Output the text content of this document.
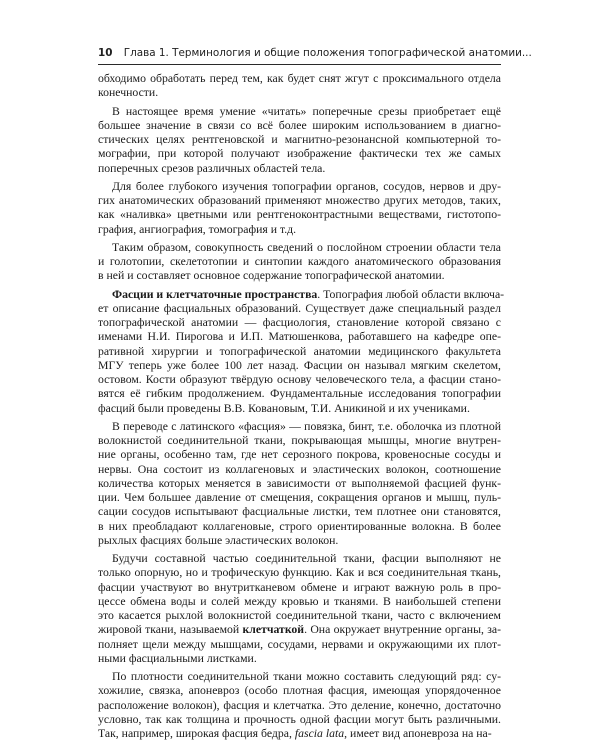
10 Глава 1. Терминология и общие положения топографической анатомии...

обходимо обработать перед тем, как будет снят жгут с проксимального отдела
конечности.

В настоящее время умение «читать» поперечные срезы приобретает ещё
большее значение в связи со всё более широким использованием в диагно-
стических целях рентгеновской и магнитно-резонансной компьютерной то-
мографии, при которой получают изображение фактически тех же самых
поперечных срезов различных областей тела.

Для более глубокого изучения топографии органов, сосудов, нервов и дру-
гих анатомических образований применяют множество других методов, таких,
как «наливка» цветными или рентгеноконтрастными веществами, гистотопо-
графия, ангиография, томография и т.д.

Таким образом, совокупность сведений о послойном строении области тела
и голотопии, скелетотопии и синтопии каждого анатомического образования
в ней и составляет основное содержание топографической анатомии.

Фасции и клетчаточные пространства. Топография любой области включа-
ет описание фасциальных образований. Существует даже специальный раздел
топографической анатомии — фасциология, становление которой связано с
именами Н.И. Пирогова и И.П. Матюшенкова, работавшего на кафедре опе-
ративной хирургии и топографической анатомии медицинского факультета
МГУ теперь уже более 100 лет назад. Фасции он называл мягким скелетом,
остовом. Кости образуют твёрдую основу человеческого тела, а фасции стано-
вятся её гибким продолжением. Фундаментальные исследования топографии
фасций были проведены В.В. Ковановым, Т.И. Аникиной и их учениками.

В переводе с латинского «фасция» — повязка, бинт, т.е. оболочка из плотной
волокнистой соединительной ткани, покрывающая мышцы, многие внутрен-
ние органы, особенно там, где нет серозного покрова, кровеносные сосуды и
нервы. Она состоит из коллагеновых и эластических волокон, соотношение
количества которых меняется в зависимости от выполняемой фасцией функ-
ции. Чем большее давление от смещения, сокращения органов и мышц, пуль-
сации сосудов испытывают фасциальные листки, тем плотнее они становятся,
в них преобладают коллагеновые, строго ориентированные волокна. В более
рыхлых фасциях больше эластических волокон.

Будучи составной частью соединительной ткани, фасции выполняют не
только опорную, но и трофическую функцию. Как и вся соединительная ткань,
фасции участвуют во внутритканевом обмене и играют важную роль в про-
цессе обмена воды и солей между кровью и тканями. В наибольшей степени
это касается рыхлой волокнистой соединительной ткани, часто с включением
жировой ткани, называемой клетчаткой. Она окружает внутренние органы, за-
полняет щели между мышцами, сосудами, нервами и окружающими их плот-
ными фасциальными листками.

По плотности соединительной ткани можно составить следующий ряд: су-
хожилие, связка, апоневроз (особо плотная фасция, имеющая упорядоченное
расположение волокон), фасция и клетчатка. Это деление, конечно, достаточно
условно, так как толщина и прочность одной фасции могут быть различными.
Так, например, широкая фасция бедра, fascia lata, имеет вид апоневроза на на-
